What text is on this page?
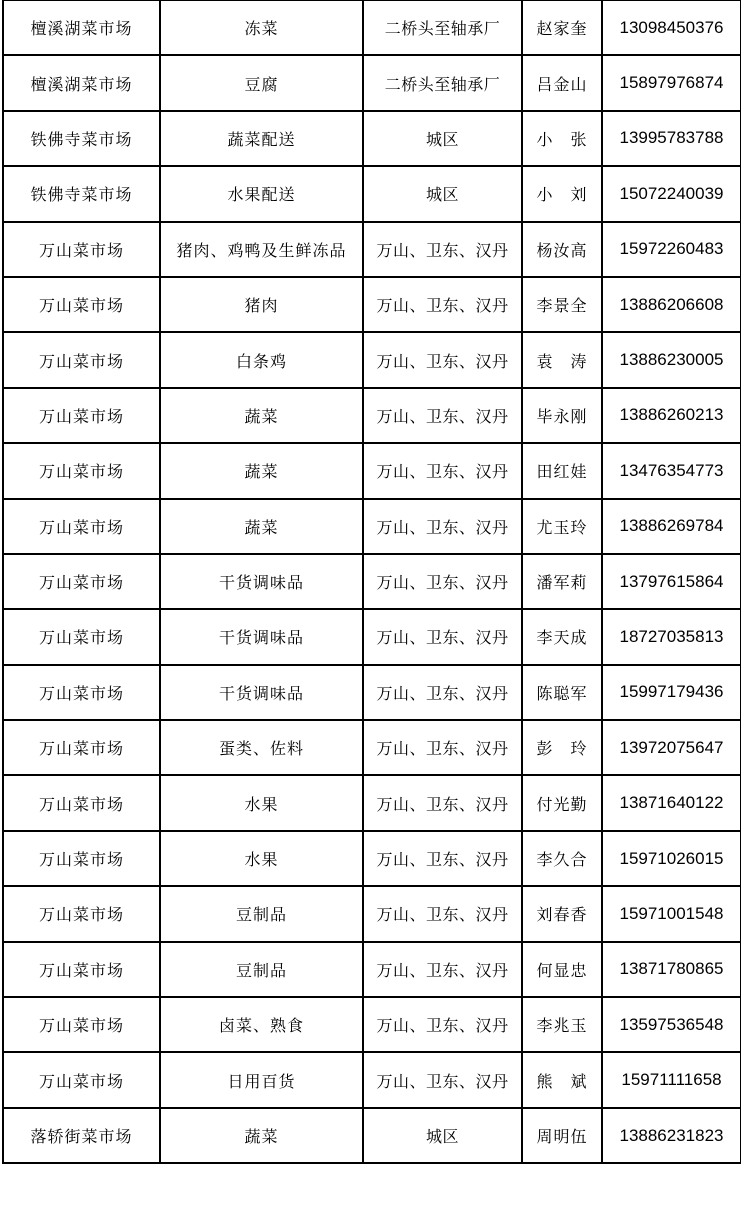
檀溪湖菜市场	冻菜	二桥头至轴承厂	赵家奎	13098450376
檀溪湖菜市场	豆腐	二桥头至轴承厂	吕金山	15897976874
铁佛寺菜市场	蔬菜配送	城区	小　张	13995783788
铁佛寺菜市场	水果配送	城区	小　刘	15072240039
万山菜市场	猪肉、鸡鸭及生鲜冻品	万山、卫东、汉丹	杨汝高	15972260483
万山菜市场	猪肉	万山、卫东、汉丹	李景全	13886206608
万山菜市场	白条鸡	万山、卫东、汉丹	袁　涛	13886230005
万山菜市场	蔬菜	万山、卫东、汉丹	毕永刚	13886260213
万山菜市场	蔬菜	万山、卫东、汉丹	田红娃	13476354773
万山菜市场	蔬菜	万山、卫东、汉丹	尤玉玲	13886269784
万山菜市场	干货调味品	万山、卫东、汉丹	潘军莉	13797615864
万山菜市场	干货调味品	万山、卫东、汉丹	李天成	18727035813
万山菜市场	干货调味品	万山、卫东、汉丹	陈聪军	15997179436
万山菜市场	蛋类、佐料	万山、卫东、汉丹	彭　玲	13972075647
万山菜市场	水果	万山、卫东、汉丹	付光勤	13871640122
万山菜市场	水果	万山、卫东、汉丹	李久合	15971026015
万山菜市场	豆制品	万山、卫东、汉丹	刘春香	15971001548
万山菜市场	豆制品	万山、卫东、汉丹	何显忠	13871780865
万山菜市场	卤菜、熟食	万山、卫东、汉丹	李兆玉	13597536548
万山菜市场	日用百货	万山、卫东、汉丹	熊　斌	15971111658
落轿街菜市场	蔬菜	城区	周明伍	13886231823
